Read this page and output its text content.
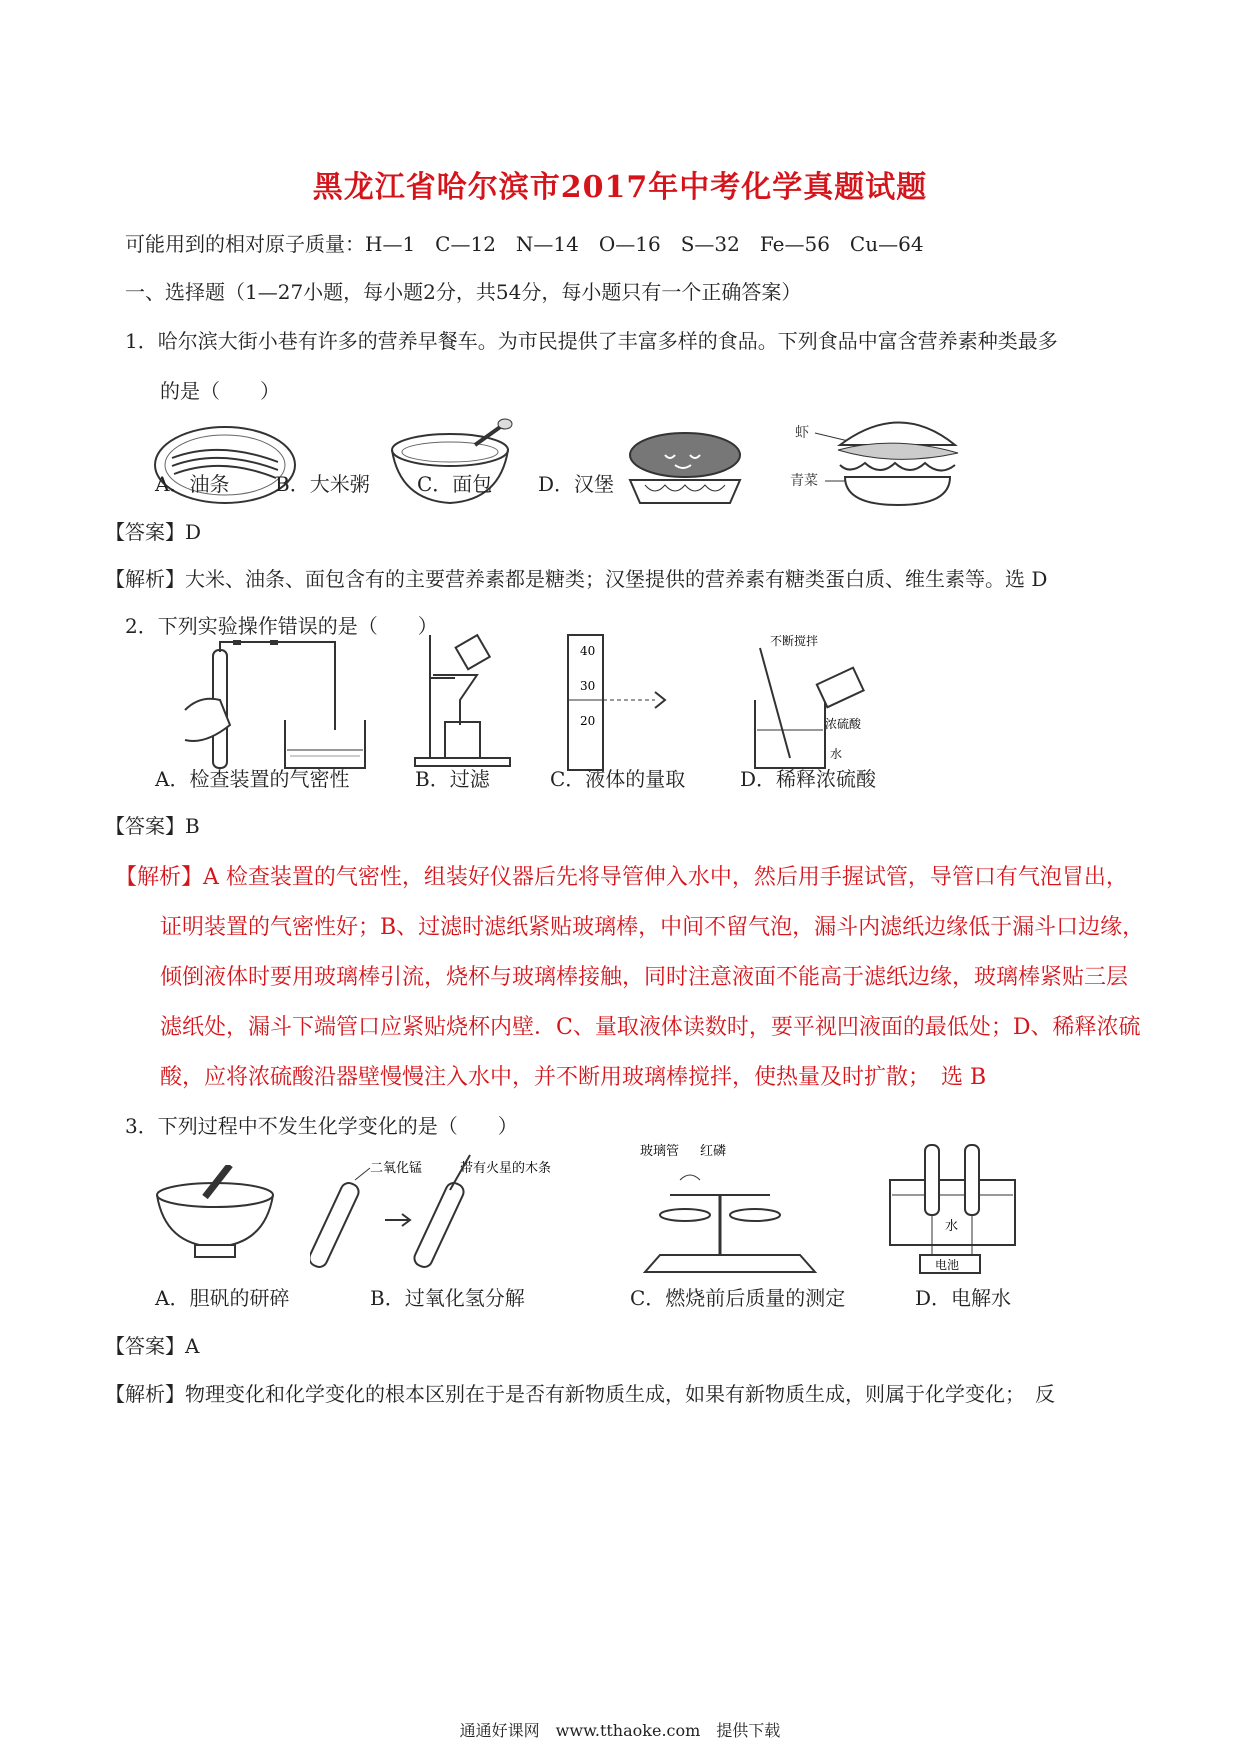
黑龙江省哈尔滨市2017年中考化学真题试题
可能用到的相对原子质量：H—1　C—12　N—14　O—16　S—32　Fe—56　Cu—64
一、选择题（1—27小题，每小题2分，共54分，每小题只有一个正确答案）
1．哈尔滨大街小巷有许多的营养早餐车。为市民提供了丰富多样的食品。下列食品中富含营养素种类最多
的是（　　）
虾
青菜
A．油条 B．大米粥 C．面包 D．汉堡
【答案】D
【解析】大米、油条、面包含有的主要营养素都是糖类；汉堡提供的营养素有糖类蛋白质、维生素等。选 D
2．下列实验操作错误的是（　　）
40
30
20
不断搅拌
浓硫酸
水
A．检查装置的气密性	B．过滤	C．液体的量取	D．稀释浓硫酸
【答案】B
【解析】A 检查装置的气密性，组装好仪器后先将导管伸入水中，然后用手握试管，导管口有气泡冒出，
证明装置的气密性好；B、过滤时滤纸紧贴玻璃棒，中间不留气泡，漏斗内滤纸边缘低于漏斗口边缘，
倾倒液体时要用玻璃棒引流，烧杯与玻璃棒接触，同时注意液面不能高于滤纸边缘，玻璃棒紧贴三层
滤纸处，漏斗下端管口应紧贴烧杯内壁．C、量取液体读数时，要平视凹液面的最低处；D、稀释浓硫
酸，应将浓硫酸沿器壁慢慢注入水中，并不断用玻璃棒搅拌，使热量及时扩散；　选 B
3．下列过程中不发生化学变化的是（　　）
二氧化锰	带有火星的木条
玻璃管 红磷
水
电池
A．胆矾的研碎	B．过氧化氢分解	C．燃烧前后质量的测定	D．电解水
【答案】A
【解析】物理变化和化学变化的根本区别在于是否有新物质生成，如果有新物质生成，则属于化学变化；　反
通通好课网　www.tthaoke.com　提供下载
